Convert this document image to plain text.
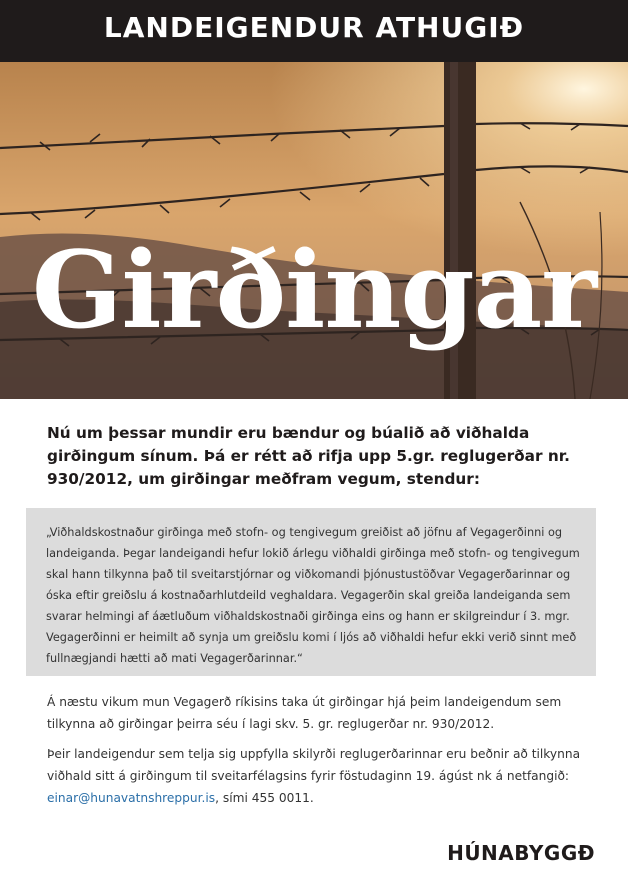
LANDEIGENDUR ATHUGIÐ
Girðingar
Nú um þessar mundir eru bændur og búalið að viðhalda girðingum sínum. Þá er rétt að rifja upp 5.gr. reglugerðar nr. 930/2012, um girðingar meðfram vegum, stendur:
„Viðhaldskostnaður girðinga með stofn- og tengivegum greiðist að jöfnu af Vegagerðinni og landeiganda. Þegar landeigandi hefur lokið árlegu viðhaldi girðinga með stofn- og tengivegum skal hann tilkynna það til sveitarstjórnar og viðkomandi þjónustustöðvar Vegagerðarinnar og óska eftir greiðslu á kostnaðarhlutdeild veghaldara. Vegagerðin skal greiða landeiganda sem svarar helmingi af áætluðum viðhaldskostnaði girðinga eins og hann er skilgreindur í 3. mgr. Vegagerðinni er heimilt að synja um greiðslu komi í ljós að viðhaldi hefur ekki verið sinnt með fullnægjandi hætti að mati Vegagerðarinnar.“
Á næstu vikum mun Vegagerð ríkisins taka út girðingar hjá þeim landeigendum sem tilkynna að girðingar þeirra séu í lagi skv. 5. gr. reglugerðar nr. 930/2012.
Þeir landeigendur sem telja sig uppfylla skilyrði reglugerðarinnar eru beðnir að tilkynna viðhald sitt á girðingum til sveitarfélagsins fyrir föstudaginn 19. ágúst nk á netfangið: einar@hunavatnshreppur.is, sími 455 0011.
HÚNABYGGÐ
